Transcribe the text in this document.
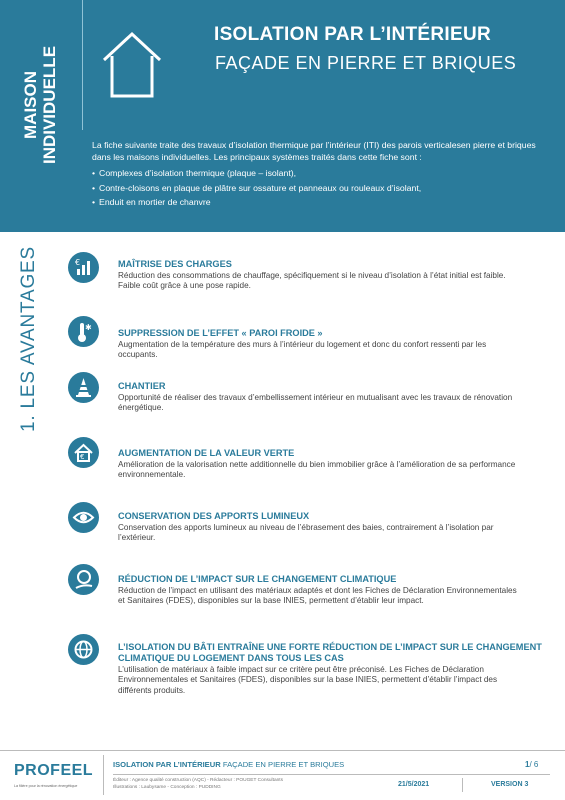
MAISON INDIVIDUELLE
ISOLATION PAR L’INTÉRIEUR
FAÇADE EN PIERRE ET BRIQUES

La fiche suivante traite des travaux d’isolation thermique par l’intérieur (ITI) des parois verticalesen pierre et briques dans les maisons individuelles. Les principaux systèmes traités dans cette fiche sont :

• Complexes d’isolation thermique (plaque – isolant),
• Contre-cloisons en plaque de plâtre sur ossature et panneaux ou rouleaux d’isolant,
• Enduit en mortier de chanvre
1. LES AVANTAGES	€	MAÎTRISE DES CHARGES
Réduction des consommations de chauffage, spécifiquement si le niveau d’isolation à l’état initial est faible. Faible coût grâce à une pose rapide.
✱
SUPPRESSION DE L’EFFET « PAROI FROIDE »
Augmentation de la température des murs à l’intérieur du logement et donc du confort ressenti par les occupants.
CHANTIER
Opportunité de réaliser des travaux d’embellissement intérieur en mutualisant avec les travaux de rénovation énergétique.
€	AUGMENTATION DE LA VALEUR VERTE
Amélioration de la valorisation nette additionnelle du bien immobilier grâce à l’amélioration de sa performance environnementale.
CONSERVATION DES APPORTS LUMINEUX
Conservation des apports lumineux au niveau de l’ébrasement des baies, contrairement à l’isolation par l’extérieur.
RÉDUCTION DE L’IMPACT SUR LE CHANGEMENT CLIMATIQUE
Réduction de l’impact en utilisant des matériaux adaptés et dont les Fiches de Déclaration Environnementales et Sanitaires (FDES), disponibles sur la base INIES, permettent d’établir leur impact.
L’ISOLATION DU BÂTI ENTRAÎNE UNE FORTE RÉDUCTION DE L’IMPACT SUR LE CHANGEMENT CLIMATIQUE DU LOGEMENT DANS TOUS LES CAS
L’utilisation de matériaux à faible impact sur ce critère peut être préconisé. Les Fiches de Déclaration Environnementales et Sanitaires (FDES), disponibles sur la base INIES, permettent d’établir l’impact des différents produits.
PROFEEL
La filière pour la rénovation énergétique
ISOLATION PAR L’INTÉRIEUR FAÇADE EN PIERRE ET BRIQUES	1/ 6
Éditeur : Agence qualité construction (AQC) - Rédacteur : POUGET Consultants
Illustrations : Laubysame - Conception : PUDDING	21/5/2021	VERSION 3
